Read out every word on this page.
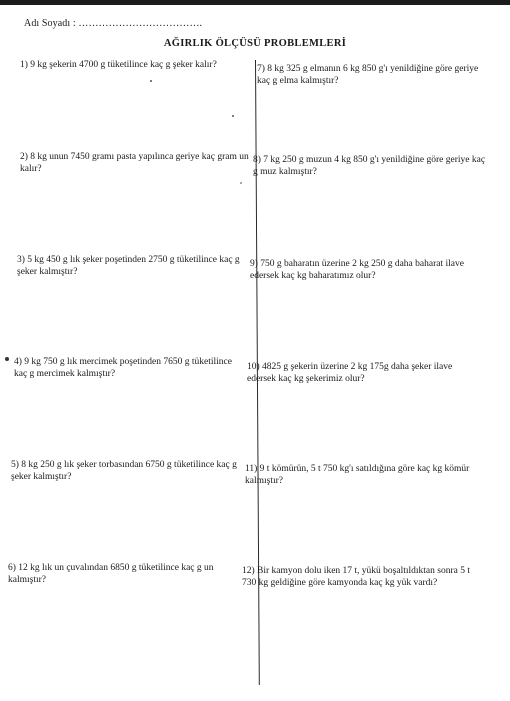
Adı Soyadı : ……………………………….
AĞIRLIK ÖLÇÜSÜ PROBLEMLERİ
1) 9 kg şekerin 4700 g tüketilince kaç g şeker kalır?
2) 8 kg unun 7450 gramı pasta yapılınca geriye kaç gram un kalır?
3) 5 kg 450 g lık şeker poşetinden 2750 g tüketilince kaç g şeker kalmıştır?
4) 9 kg 750 g lık mercimek poşetinden 7650 g tüketilince kaç g mercimek kalmıştır?
5) 8 kg 250 g lık şeker torbasından 6750 g tüketilince kaç g şeker kalmıştır?
6) 12 kg lık un çuvalından 6850 g tüketilince kaç g un kalmıştır?
7) 8 kg 325 g elmanın 6 kg 850 g'ı yenildiğine göre geriye kaç g elma kalmıştır?
8) 7 kg 250 g muzun 4 kg 850 g'ı yenildiğine göre geriye kaç g muz kalmıştır?
9) 750 g baharatın üzerine 2 kg 250 g daha baharat ilave edersek kaç kg baharatımız olur?
10) 4825 g şekerin üzerine 2 kg 175g daha şeker ilave edersek kaç kg şekerimiz olur?
11) 9 t kömürün, 5 t 750 kg'ı satıldığına göre kaç kg kömür kalmıştır?
12) Bir kamyon dolu iken 17 t, yükü boşaltıldıktan sonra 5 t 730 kg geldiğine göre kamyonda kaç kg yük vardı?
